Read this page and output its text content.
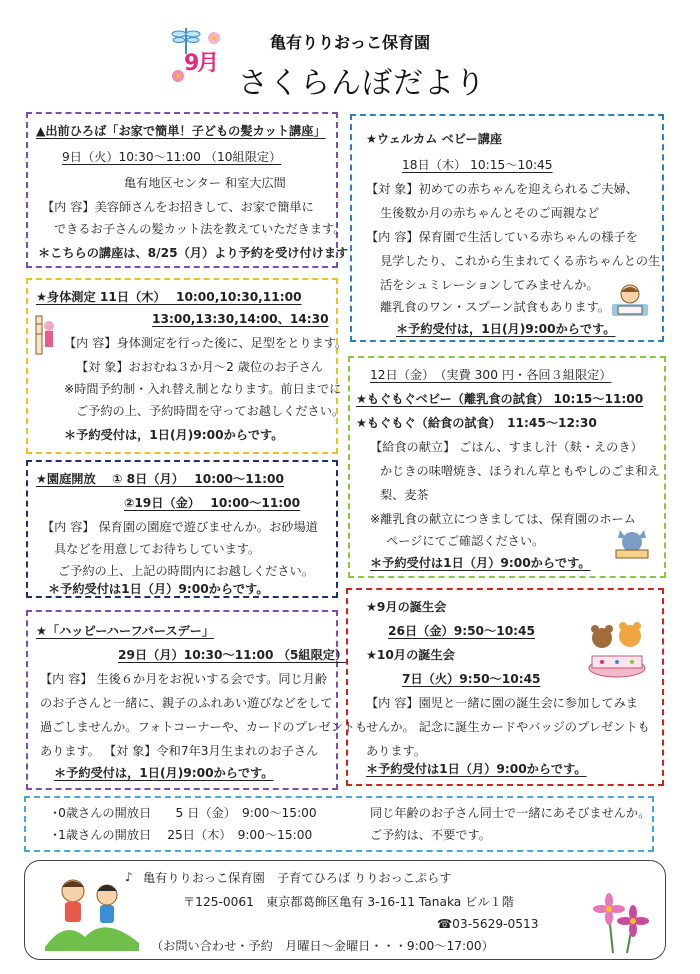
9月
亀有りりおっこ保育園
さくらんぼだより
▲出前ひろば「お家で簡単！子どもの髪カット講座」
9日（火）10:30～11:00 （10組限定）
亀有地区センター 和室大広間
【内 容】美容師さんをお招きして、お家で簡単に
できるお子さんの髪カット法を教えていただきます。
＊こちらの講座は、8/25（月）より予約を受け付けます
★ウェルカム ベビー講座
18日（木） 10:15～10:45
【対 象】初めての赤ちゃんを迎えられるご夫婦、
生後数か月の赤ちゃんとそのご両親など
【内 容】保育園で生活している赤ちゃんの様子を
見学したり、これから生まれてくる赤ちゃんとの生
活をシュミレーションしてみませんか。
離乳食のワン・スプーン試食もあります。
＊予約受付は，1日(月)9:00からです。
★身体測定 11日（木）　 10:00,10:30,11:00
13:00,13:30,14:00、14:30
【内 容】身体測定を行った後に、足型をとります。
【対 象】おおむね３か月～2 歳位のお子さん
※時間予約制・入れ替え制となります。前日までに
ご予約の上、予約時間を守ってお越しください。
＊予約受付は，1日(月)9:00からです。
12日（金）　（実費 300 円・各回３組限定）
★もぐもぐベビー（離乳食の試食） 10:15～11:00
★もぐもぐ（給食の試食）　11:45～12:30
【給食の献立】 ごはん、すまし汁（麸・えのき）
かじきの味噌焼き、ほうれん草ともやしのごま和え
梨、麦茶
※離乳食の献立につきましては、保育園のホーム
ページにてご確認ください。
＊予約受付は1日（月）9:00からです。
★園庭開放　 ① 8日（月）　 10:00～11:00
②19日（金）　 10:00～11:00
【内 容】 保育園の園庭で遊びませんか。お砂場道
具などを用意してお待ちしています。
ご予約の上、上記の時間内にお越しください。
＊予約受付は1日（月）9:00からです。
★「ハッピーハーフバースデー」
29日（月）10:30～11:00 （5組限定）
【内 容】 生後６か月をお祝いする会です。同じ月齢
のお子さんと一緒に、親子のふれあい遊びなどをして
過ごしませんか。フォトコーナーや、カードのプレゼントも
あります。 【対 象】令和7年3月生まれのお子さん
＊予約受付は，1日(月)9:00からです。
★9月の誕生会
26日（金）9:50～10:45
★10月の誕生会
7日（火）9:50～10:45
【内 容】園児と一緒に園の誕生会に参加してみま
せんか。 記念に誕生カードやバッジのプレゼントも
あります。
＊予約受付は1日（月）9:00からです。
･0歳さんの開放日　　5 日（金）　9:00～15:00
･1歳さんの開放日　 25日（木）　9:00～15:00
同じ年齢のお子さん同士で一緒にあそびませんか。
ご予約は、不要です。
♪ 亀有りりおっこ保育園　子育てひろば りりおっこぷらす
〒125-0061　東京都葛飾区亀有 3-16-11 Tanaka ビル１階
☎03-5629-0513
（お問い合わせ・予約　月曜日～金曜日・・・9:00～17:00）
